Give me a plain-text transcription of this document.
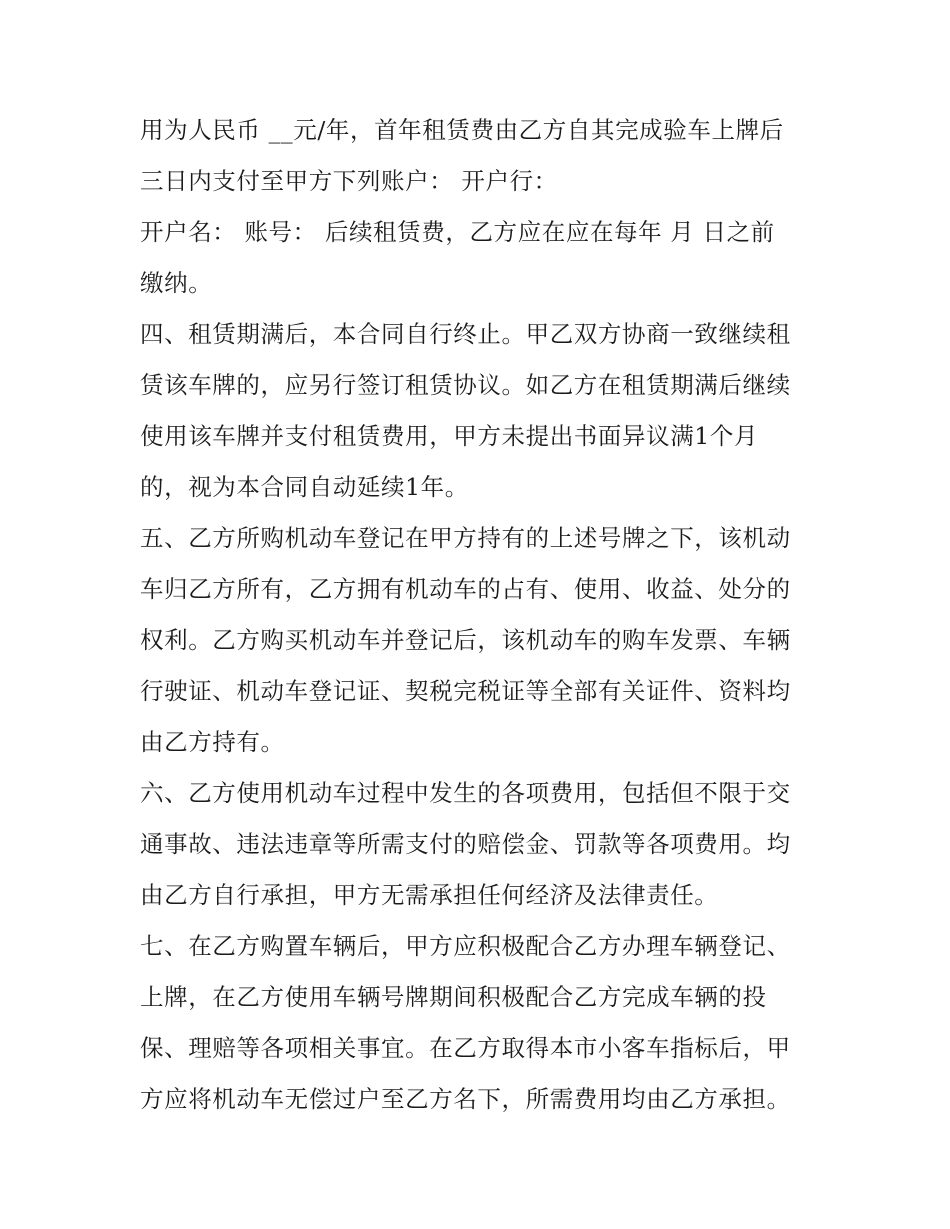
用为人民币 __元/年，首年租赁费由乙方自其完成验车上牌后
三日内支付至甲方下列账户： 开户行：
开户名： 账号： 后续租赁费，乙方应在应在每年 月 日之前
缴纳。
四、租赁期满后，本合同自行终止。甲乙双方协商一致继续租
赁该车牌的，应另行签订租赁协议。如乙方在租赁期满后继续
使用该车牌并支付租赁费用，甲方未提出书面异议满1个月
的，视为本合同自动延续1年。
五、乙方所购机动车登记在甲方持有的上述号牌之下，该机动
车归乙方所有，乙方拥有机动车的占有、使用、收益、处分的
权利。乙方购买机动车并登记后，该机动车的购车发票、车辆
行驶证、机动车登记证、契税完税证等全部有关证件、资料均
由乙方持有。
六、乙方使用机动车过程中发生的各项费用，包括但不限于交
通事故、违法违章等所需支付的赔偿金、罚款等各项费用。均
由乙方自行承担，甲方无需承担任何经济及法律责任。
七、在乙方购置车辆后，甲方应积极配合乙方办理车辆登记、
上牌，在乙方使用车辆号牌期间积极配合乙方完成车辆的投
保、理赔等各项相关事宜。在乙方取得本市小客车指标后，甲
方应将机动车无偿过户至乙方名下，所需费用均由乙方承担。
